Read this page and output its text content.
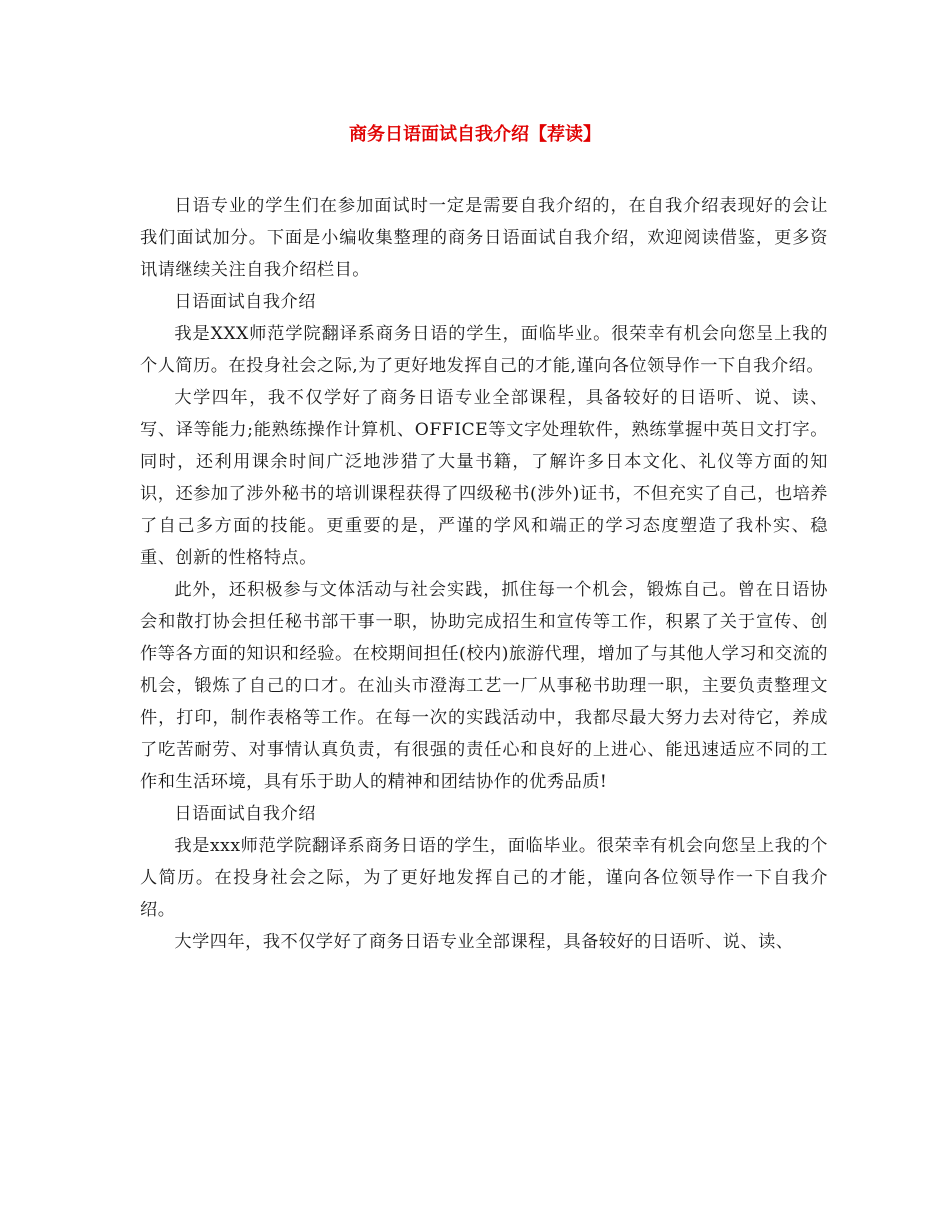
商务日语面试自我介绍【荐读】

日语专业的学生们在参加面试时一定是需要自我介绍的，在自我介绍表现好的会让我们面试加分。下面是小编收集整理的商务日语面试自我介绍，欢迎阅读借鉴，更多资讯请继续关注自我介绍栏目。

日语面试自我介绍

我是XXX师范学院翻译系商务日语的学生，面临毕业。很荣幸有机会向您呈上我的个人简历。在投身社会之际,为了更好地发挥自己的才能,谨向各位领导作一下自我介绍。

大学四年，我不仅学好了商务日语专业全部课程，具备较好的日语听、说、读、写、译等能力;能熟练操作计算机、OFFICE等文字处理软件，熟练掌握中英日文打字。同时，还利用课余时间广泛地涉猎了大量书籍，了解许多日本文化、礼仪等方面的知识，还参加了涉外秘书的培训课程获得了四级秘书(涉外)证书，不但充实了自己，也培养了自己多方面的技能。更重要的是，严谨的学风和端正的学习态度塑造了我朴实、稳重、创新的性格特点。

此外，还积极参与文体活动与社会实践，抓住每一个机会，锻炼自己。曾在日语协会和散打协会担任秘书部干事一职，协助完成招生和宣传等工作，积累了关于宣传、创作等各方面的知识和经验。在校期间担任(校内)旅游代理，增加了与其他人学习和交流的机会，锻炼了自己的口才。在汕头市澄海工艺一厂从事秘书助理一职，主要负责整理文件，打印，制作表格等工作。在每一次的实践活动中，我都尽最大努力去对待它，养成了吃苦耐劳、对事情认真负责，有很强的责任心和良好的上进心、能迅速适应不同的工作和生活环境，具有乐于助人的精神和团结协作的优秀品质!

日语面试自我介绍

我是xxx师范学院翻译系商务日语的学生，面临毕业。很荣幸有机会向您呈上我的个人简历。在投身社会之际，为了更好地发挥自己的才能，谨向各位领导作一下自我介绍。

大学四年，我不仅学好了商务日语专业全部课程，具备较好的日语听、说、读、
